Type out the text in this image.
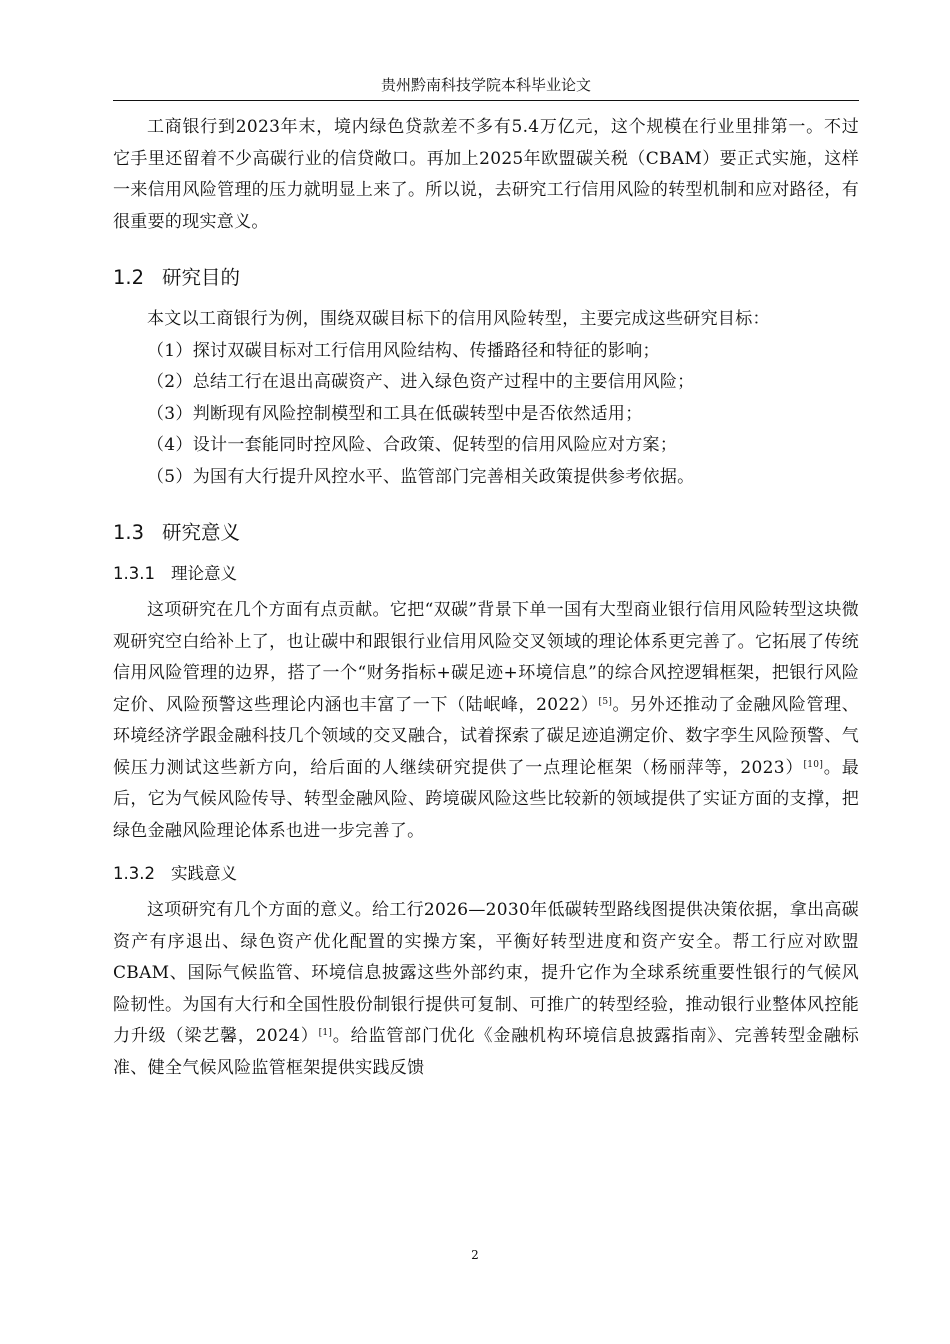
贵州黔南科技学院本科毕业论文

工商银行到2023年末，境内绿色贷款差不多有5.4万亿元，这个规模在行业里排第一。不过它手里还留着不少高碳行业的信贷敞口。再加上2025年欧盟碳关税（CBAM）要正式实施，这样一来信用风险管理的压力就明显上来了。所以说，去研究工行信用风险的转型机制和应对路径，有很重要的现实意义。

1.2 研究目的

本文以工商银行为例，围绕双碳目标下的信用风险转型，主要完成这些研究目标：

（1）探讨双碳目标对工行信用风险结构、传播路径和特征的影响；

（2）总结工行在退出高碳资产、进入绿色资产过程中的主要信用风险；

（3）判断现有风险控制模型和工具在低碳转型中是否依然适用；

（4）设计一套能同时控风险、合政策、促转型的信用风险应对方案；

（5）为国有大行提升风控水平、监管部门完善相关政策提供参考依据。

1.3 研究意义
1.3.1 理论意义

这项研究在几个方面有点贡献。它把“双碳”背景下单一国有大型商业银行信用风险转型这块微观研究空白给补上了，也让碳中和跟银行业信用风险交叉领域的理论体系更完善了。它拓展了传统信用风险管理的边界，搭了一个“财务指标+碳足迹+环境信息”的综合风控逻辑框架，把银行风险定价、风险预警这些理论内涵也丰富了一下（陆岷峰，2022）[5]。另外还推动了金融风险管理、环境经济学跟金融科技几个领域的交叉融合，试着探索了碳足迹追溯定价、数字孪生风险预警、气候压力测试这些新方向，给后面的人继续研究提供了一点理论框架（杨丽萍等，2023）[10]。最后，它为气候风险传导、转型金融风险、跨境碳风险这些比较新的领域提供了实证方面的支撑，把绿色金融风险理论体系也进一步完善了。

1.3.2 实践意义

这项研究有几个方面的意义。给工行2026—2030年低碳转型路线图提供决策依据，拿出高碳资产有序退出、绿色资产优化配置的实操方案，平衡好转型进度和资产安全。帮工行应对欧盟CBAM、国际气候监管、环境信息披露这些外部约束，提升它作为全球系统重要性银行的气候风险韧性。为国有大行和全国性股份制银行提供可复制、可推广的转型经验，推动银行业整体风控能力升级（梁艺馨，2024）[1]。给监管部门优化《金融机构环境信息披露指南》、完善转型金融标准、健全气候风险监管框架提供实践反馈

2
